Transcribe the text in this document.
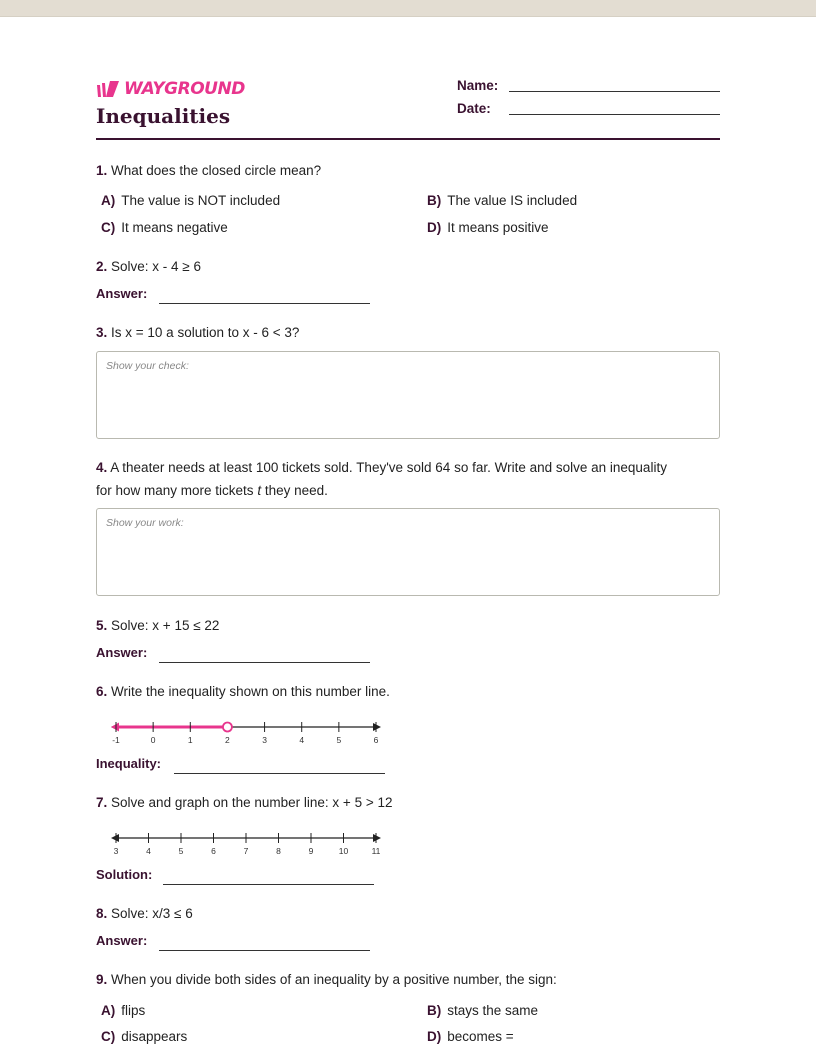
WAYGROUND
Inequalities
Name:
Date:
1. What does the closed circle mean?
A) The value is NOT included	B) The value IS included
C) It means negative	D) It means positive
2. Solve: x - 4 ≥ 6
Answer:
3. Is x = 10 a solution to x - 6 < 3?
Show your check:
4. A theater needs at least 100 tickets sold. They've sold 64 so far. Write and solve an inequality
for how many more tickets t they need.
Show your work:
5. Solve: x + 15 ≤ 22
Answer:
6. Write the inequality shown on this number line.
-1	0	1	2	3	4	5	6
Inequality:
7. Solve and graph on the number line: x + 5 > 12
3	4	5	6	7	8	9	10	11
Solution:
8. Solve: x/3 ≤ 6
Answer:
9. When you divide both sides of an inequality by a positive number, the sign:
A) flips	B) stays the same
C) disappears	D) becomes =
